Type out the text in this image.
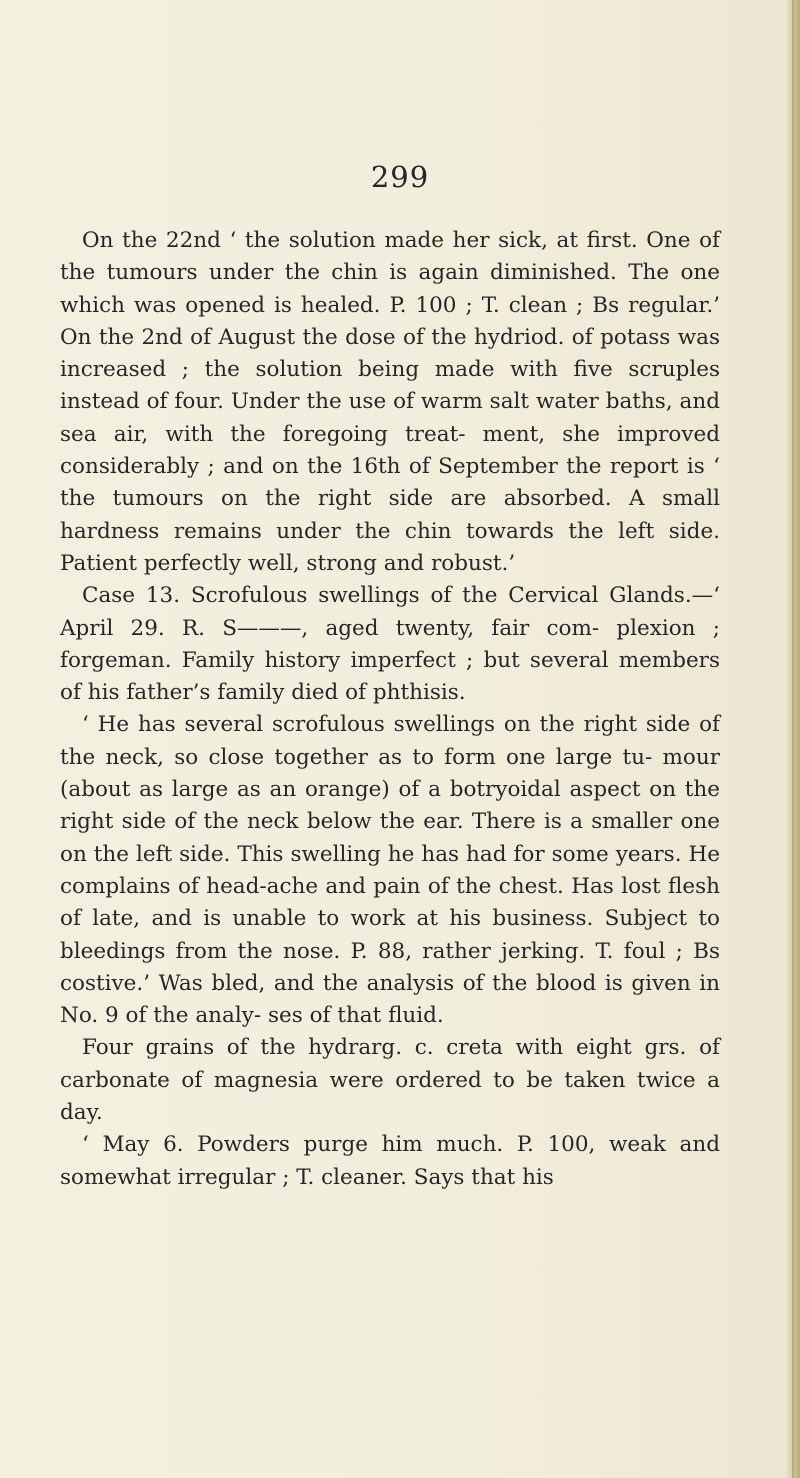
299

On the 22nd ‘ the solution made her sick, at first. One of the tumours under the chin is again diminished. The one which was opened is healed. P. 100 ; T. clean ; Bs regular.’ On the 2nd of August the dose of the hydriod. of potass was increased ; the solution being made with five scruples instead of four. Under the use of warm salt water baths, and sea air, with the foregoing treat- ment, she improved considerably ; and on the 16th of September the report is ‘ the tumours on the right side are absorbed. A small hardness remains under the chin towards the left side. Patient perfectly well, strong and robust.’

Case 13. Scrofulous swellings of the Cervical Glands.—‘ April 29. R. S———, aged twenty, fair com- plexion ; forgeman. Family history imperfect ; but several members of his father’s family died of phthisis.

‘ He has several scrofulous swellings on the right side of the neck, so close together as to form one large tu- mour (about as large as an orange) of a botryoidal aspect on the right side of the neck below the ear. There is a smaller one on the left side. This swelling he has had for some years. He complains of head-ache and pain of the chest. Has lost flesh of late, and is unable to work at his business. Subject to bleedings from the nose. P. 88, rather jerking. T. foul ; Bs costive.’ Was bled, and the analysis of the blood is given in No. 9 of the analy- ses of that fluid.

Four grains of the hydrarg. c. creta with eight grs. of carbonate of magnesia were ordered to be taken twice a day.

‘ May 6. Powders purge him much. P. 100, weak and somewhat irregular ; T. cleaner. Says that his
